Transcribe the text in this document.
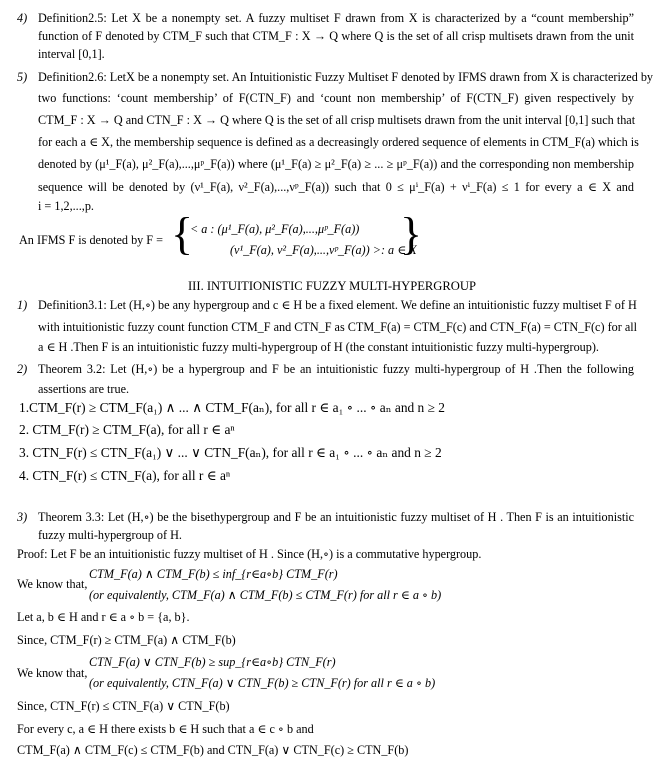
4) Definition2.5: Let X be a nonempty set. A fuzzy multiset F drawn from X is characterized by a “count membership”
function of F denoted by CTM_F such that CTM_F : X → Q where Q is the set of all crisp multisets drawn from the unit
interval [0,1].
5) Definition2.6: LetX be a nonempty set. An Intuitionistic Fuzzy Multiset F denoted by IFMS drawn from X is characterized by
two functions: ‘count membership’ of F(CTN_F) and ‘count non membership’ of F(CTN_F) given respectively by
CTM_F : X → Q and CTN_F : X → Q where Q is the set of all crisp multisets drawn from the unit interval [0,1] such that
for each a ∈ X, the membership sequence is defined as a decreasingly ordered sequence of elements in CTM_F(a) which is
denoted by (μ¹_F(a), μ²_F(a),...,μᵖ_F(a)) where (μ¹_F(a) ≥ μ²_F(a) ≥ ... ≥ μᵖ_F(a)) and the corresponding non membership
sequence will be denoted by (ν¹_F(a), ν²_F(a),...,νᵖ_F(a)) such that 0 ≤ μⁱ_F(a) + νⁱ_F(a) ≤ 1 for every a ∈ X and
i = 1,2,...,p.
An IFMS F is denoted by F = {
< a : (μ¹_F(a), μ²_F(a),...,μᵖ_F(a))
(ν¹_F(a), ν²_F(a),...,νᵖ_F(a)) >: a ∈ X
}
III. INTUITIONISTIC FUZZY MULTI-HYPERGROUP
1) Definition3.1: Let (H,∘) be any hypergroup and c ∈ H be a fixed element. We define an intuitionistic fuzzy multiset F of H
with intuitionistic fuzzy count function CTM_F and CTN_F as CTM_F(a) = CTM_F(c) and CTN_F(a) = CTN_F(c) for all
a ∈ H .Then F is an intuitionistic fuzzy multi-hypergroup of H (the constant intuitionistic fuzzy multi-hypergroup).
2) Theorem 3.2: Let (H,∘) be a hypergroup and F be an intuitionistic fuzzy multi-hypergroup of H .Then the following
assertions are true.
1.CTM_F(r) ≥ CTM_F(a₁) ∧ ... ∧ CTM_F(aₙ), for all r ∈ a₁ ∘ ... ∘ aₙ and n ≥ 2
2. CTM_F(r) ≥ CTM_F(a), for all r ∈ aⁿ
3. CTN_F(r) ≤ CTN_F(a₁) ∨ ... ∨ CTN_F(aₙ), for all r ∈ a₁ ∘ ... ∘ aₙ and n ≥ 2
4. CTN_F(r) ≤ CTN_F(a), for all r ∈ aⁿ
3) Theorem 3.3: Let (H,∘) be the bisethypergroup and F be an intuitionistic fuzzy multiset of H . Then F is an intuitionistic
fuzzy multi-hypergroup of H.
Proof: Let F be an intuitionistic fuzzy multiset of H . Since (H,∘) is a commutative hypergroup.
We know that,
CTM_F(a) ∧ CTM_F(b) ≤ inf_{r∈a∘b} CTM_F(r)
(or equivalently, CTM_F(a) ∧ CTM_F(b) ≤ CTM_F(r) for all r ∈ a ∘ b)
Let a, b ∈ H and r ∈ a ∘ b = {a, b}.
Since, CTM_F(r) ≥ CTM_F(a) ∧ CTM_F(b)
We know that,
CTN_F(a) ∨ CTN_F(b) ≥ sup_{r∈a∘b} CTN_F(r)
(or equivalently, CTN_F(a) ∨ CTN_F(b) ≥ CTN_F(r) for all r ∈ a ∘ b)
Since, CTN_F(r) ≤ CTN_F(a) ∨ CTN_F(b)
For every c, a ∈ H there exists b ∈ H such that a ∈ c ∘ b and
CTM_F(a) ∧ CTM_F(c) ≤ CTM_F(b) and CTN_F(a) ∨ CTN_F(c) ≥ CTN_F(b)
